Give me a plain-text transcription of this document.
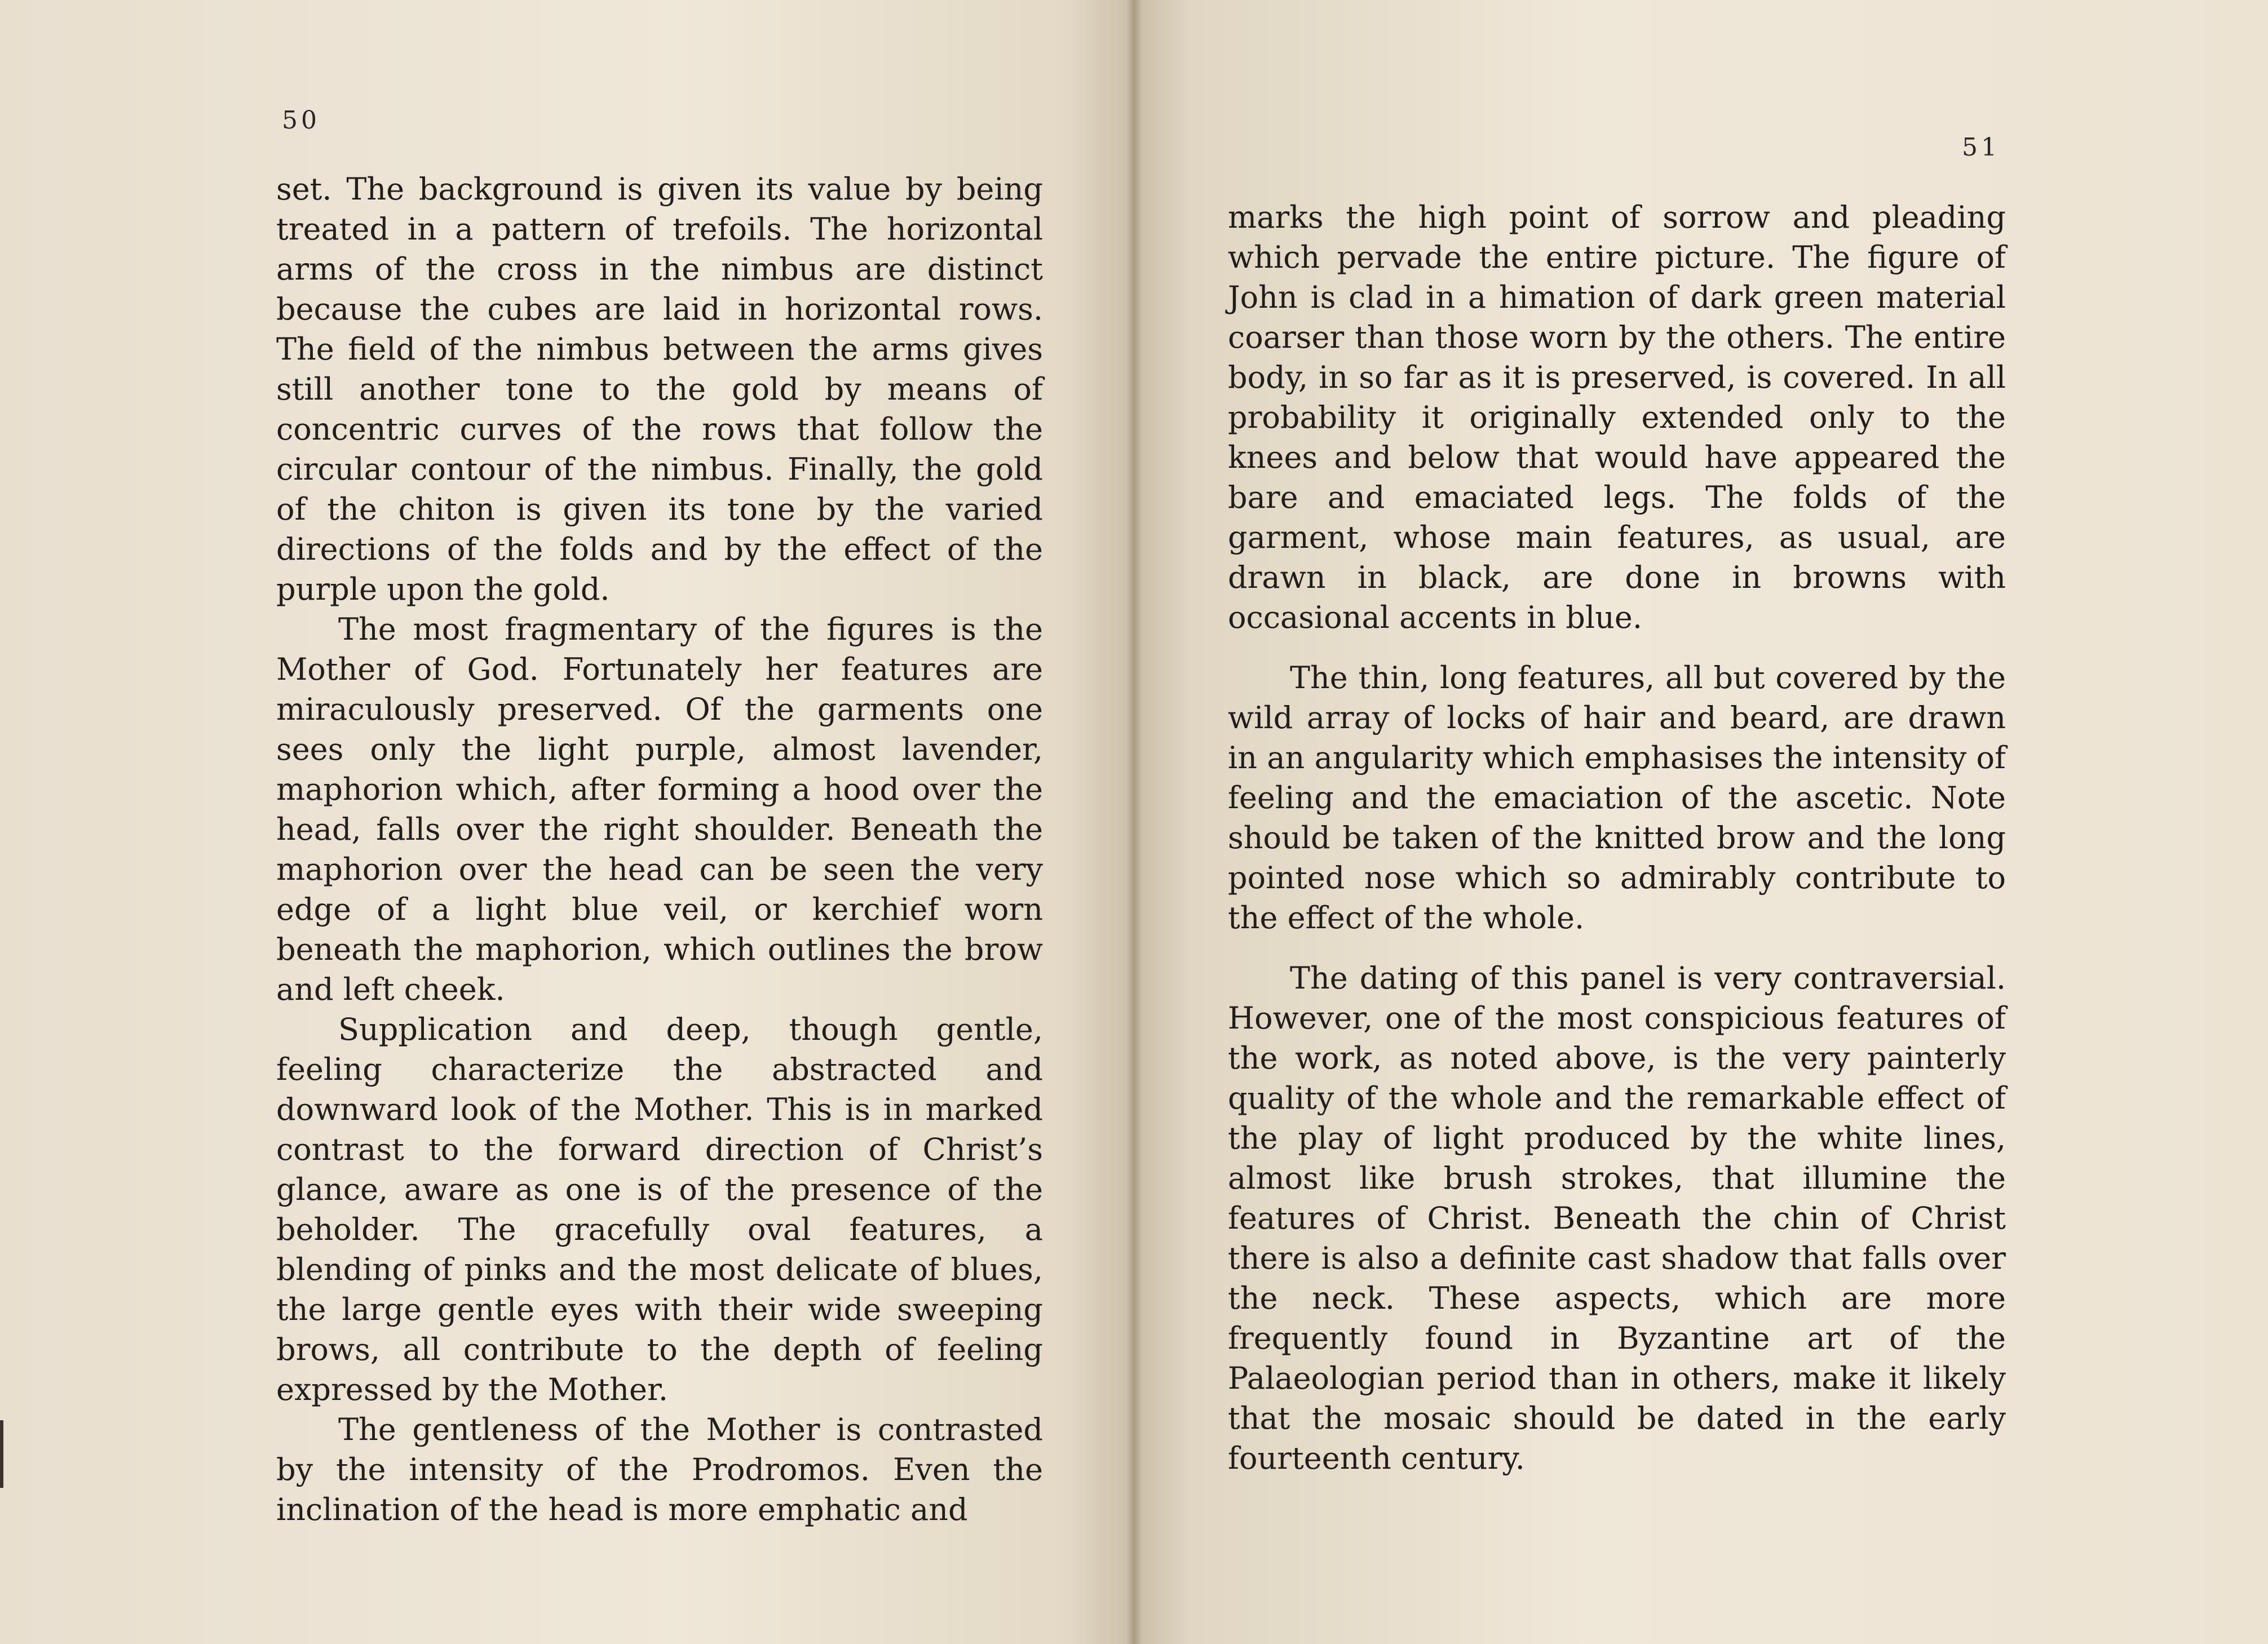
50

set. The background is given its value by being treated in a pattern of trefoils. The horizontal arms of the cross in the nimbus are distinct because the cubes are laid in horizontal rows. The field of the nimbus between the arms gives still another tone to the gold by means of concentric curves of the rows that follow the circular contour of the nimbus. Finally, the gold of the chiton is given its tone by the varied directions of the folds and by the effect of the purple upon the gold.

The most fragmentary of the figures is the Mother of God. Fortunately her features are miraculously preserved. Of the garments one sees only the light purple, almost lavender, maphorion which, after forming a hood over the head, falls over the right shoulder. Beneath the maphorion over the head can be seen the very edge of a light blue veil, or kerchief worn beneath the maphorion, which outlines the brow and left cheek.

Supplication and deep, though gentle, feeling characterize the abstracted and downward look of the Mother. This is in marked contrast to the forward direction of Christ’s glance, aware as one is of the presence of the beholder. The gracefully oval features, a blending of pinks and the most delicate of blues, the large gentle eyes with their wide sweeping brows, all contribute to the depth of feeling expressed by the Mother.

The gentleness of the Mother is contrasted by the intensity of the Prodromos. Even the inclination of the head is more emphatic and

51

marks the high point of sorrow and pleading which pervade the entire picture. The figure of John is clad in a himation of dark green material coarser than those worn by the others. The entire body, in so far as it is preserved, is covered. In all probability it originally extended only to the knees and below that would have appeared the bare and emaciated legs. The folds of the garment, whose main features, as usual, are drawn in black, are done in browns with occasional accents in blue.

The thin, long features, all but covered by the wild array of locks of hair and beard, are drawn in an angularity which emphasises the intensity of feeling and the emaciation of the ascetic. Note should be taken of the knitted brow and the long pointed nose which so admirably contribute to the effect of the whole.

The dating of this panel is very contraversial. However, one of the most conspicious features of the work, as noted above, is the very painterly quality of the whole and the remarkable effect of the play of light produced by the white lines, almost like brush strokes, that illumine the features of Christ. Beneath the chin of Christ there is also a definite cast shadow that falls over the neck. These aspects, which are more frequently found in Byzantine art of the Palaeologian period than in others, make it likely that the mosaic should be dated in the early fourteenth century.
